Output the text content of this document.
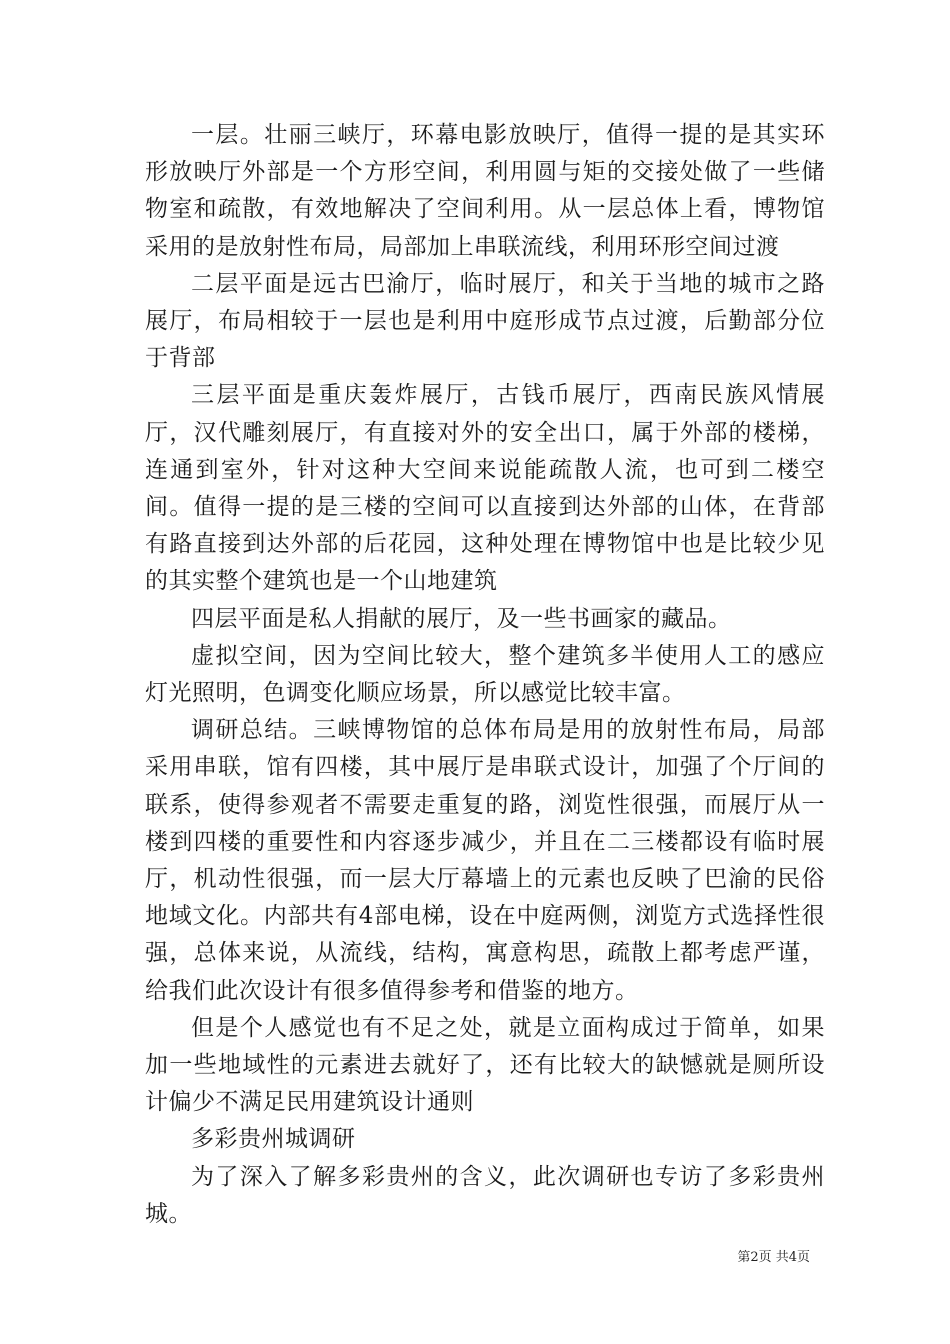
一层。壮丽三峡厅，环幕电影放映厅，值得一提的是其实环形放映厅外部是一个方形空间，利用圆与矩的交接处做了一些储物室和疏散，有效地解决了空间利用。从一层总体上看，博物馆采用的是放射性布局，局部加上串联流线，利用环形空间过渡

二层平面是远古巴渝厅，临时展厅，和关于当地的城市之路展厅，布局相较于一层也是利用中庭形成节点过渡，后勤部分位于背部

三层平面是重庆轰炸展厅，古钱币展厅，西南民族风情展厅，汉代雕刻展厅，有直接对外的安全出口，属于外部的楼梯，连通到室外，针对这种大空间来说能疏散人流，也可到二楼空间。值得一提的是三楼的空间可以直接到达外部的山体，在背部有路直接到达外部的后花园，这种处理在博物馆中也是比较少见的其实整个建筑也是一个山地建筑

四层平面是私人捐献的展厅，及一些书画家的藏品。

虚拟空间，因为空间比较大，整个建筑多半使用人工的感应灯光照明，色调变化顺应场景，所以感觉比较丰富。

调研总结。三峡博物馆的总体布局是用的放射性布局，局部采用串联，馆有四楼，其中展厅是串联式设计，加强了个厅间的联系，使得参观者不需要走重复的路，浏览性很强，而展厅从一楼到四楼的重要性和内容逐步减少，并且在二三楼都设有临时展厅，机动性很强，而一层大厅幕墙上的元素也反映了巴渝的民俗地域文化。内部共有4部电梯，设在中庭两侧，浏览方式选择性很强，总体来说，从流线，结构，寓意构思，疏散上都考虑严谨，给我们此次设计有很多值得参考和借鉴的地方。

但是个人感觉也有不足之处，就是立面构成过于简单，如果加一些地域性的元素进去就好了，还有比较大的缺憾就是厕所设计偏少不满足民用建筑设计通则

多彩贵州城调研

为了深入了解多彩贵州的含义，此次调研也专访了多彩贵州城。

第2页 共4页
